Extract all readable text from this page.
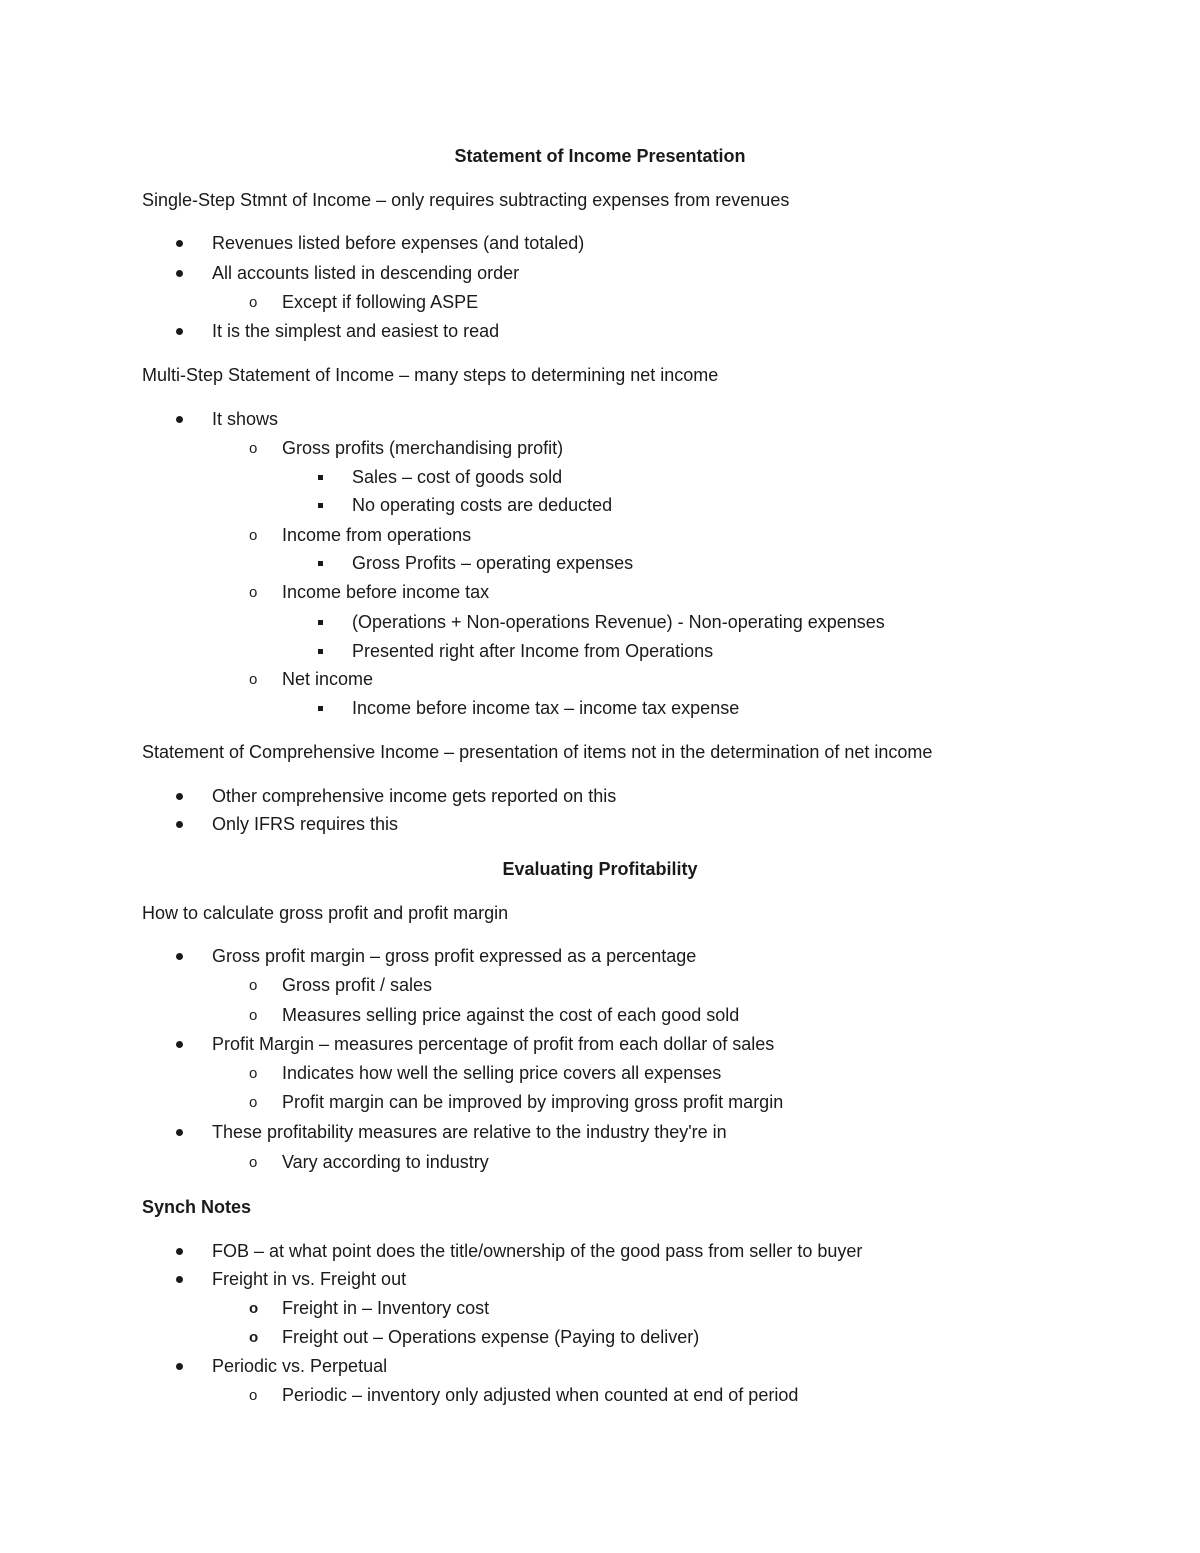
Statement of Income Presentation
Single-Step Stmnt of Income – only requires subtracting expenses from revenues
Revenues listed before expenses (and totaled)
All accounts listed in descending order
o Except if following ASPE
It is the simplest and easiest to read
Multi-Step Statement of Income – many steps to determining net income
It shows
o Gross profits (merchandising profit)
Sales – cost of goods sold
No operating costs are deducted
o Income from operations
Gross Profits – operating expenses
o Income before income tax
(Operations + Non-operations Revenue) - Non-operating expenses
Presented right after Income from Operations
o Net income
Income before income tax – income tax expense
Statement of Comprehensive Income – presentation of items not in the determination of net income
Other comprehensive income gets reported on this
Only IFRS requires this
Evaluating Profitability
How to calculate gross profit and profit margin
Gross profit margin – gross profit expressed as a percentage
o Gross profit / sales
o Measures selling price against the cost of each good sold
Profit Margin – measures percentage of profit from each dollar of sales
o Indicates how well the selling price covers all expenses
o Profit margin can be improved by improving gross profit margin
These profitability measures are relative to the industry they're in
o Vary according to industry
Synch Notes
FOB – at what point does the title/ownership of the good pass from seller to buyer
Freight in vs. Freight out
o Freight in – Inventory cost
o Freight out – Operations expense (Paying to deliver)
Periodic vs. Perpetual
o Periodic – inventory only adjusted when counted at end of period
